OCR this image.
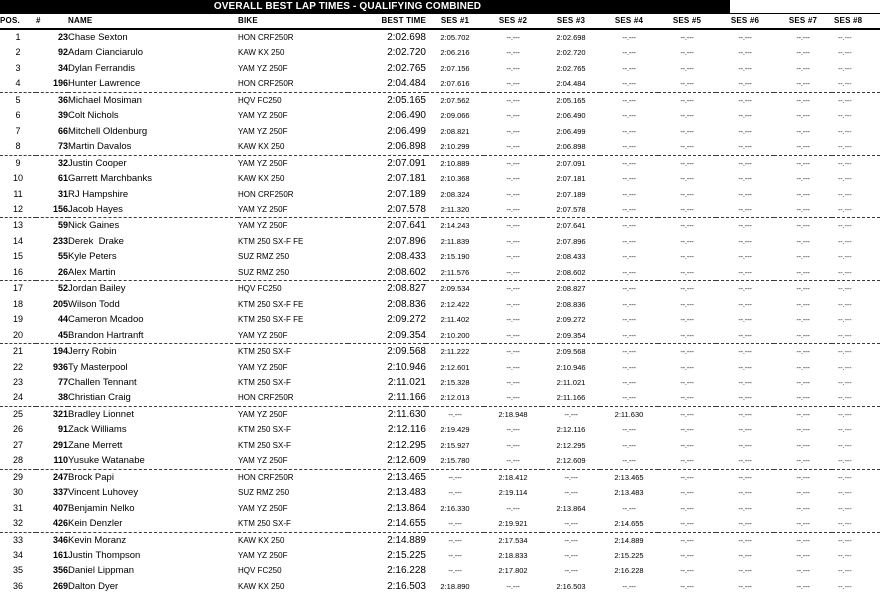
OVERALL BEST LAP TIMES - QUALIFYING COMBINED
POS.	#	NAME	BIKE	BEST TIME	SES #1	SES #2	SES #3	SES #4	SES #5	SES #6	SES #7	SES #8
1	23	Chase Sexton	HON CRF250R	2:02.698	2:05.702	--.---	2:02.698	--.---	--.---	--.---	--.---	--.---
2	92	Adam Cianciarulo	KAW KX 250	2:02.720	2:06.216	--.---	2:02.720	--.---	--.---	--.---	--.---	--.---
3	34	Dylan Ferrandis	YAM YZ 250F	2:02.765	2:07.156	--.---	2:02.765	--.---	--.---	--.---	--.---	--.---
4	196	Hunter Lawrence	HON CRF250R	2:04.484	2:07.616	--.---	2:04.484	--.---	--.---	--.---	--.---	--.---

5	36	Michael Mosiman	HQV FC250	2:05.165	2:07.562	--.---	2:05.165	--.---	--.---	--.---	--.---	--.---
6	39	Colt Nichols	YAM YZ 250F	2:06.490	2:09.066	--.---	2:06.490	--.---	--.---	--.---	--.---	--.---
7	66	Mitchell Oldenburg	YAM YZ 250F	2:06.499	2:08.821	--.---	2:06.499	--.---	--.---	--.---	--.---	--.---
8	73	Martin Davalos	KAW KX 250	2:06.898	2:10.299	--.---	2:06.898	--.---	--.---	--.---	--.---	--.---

9	32	Justin Cooper	YAM YZ 250F	2:07.091	2:10.889	--.---	2:07.091	--.---	--.---	--.---	--.---	--.---
10	61	Garrett Marchbanks	KAW KX 250	2:07.181	2:10.368	--.---	2:07.181	--.---	--.---	--.---	--.---	--.---
11	31	RJ Hampshire	HON CRF250R	2:07.189	2:08.324	--.---	2:07.189	--.---	--.---	--.---	--.---	--.---
12	156	Jacob Hayes	YAM YZ 250F	2:07.578	2:11.320	--.---	2:07.578	--.---	--.---	--.---	--.---	--.---

13	59	Nick Gaines	YAM YZ 250F	2:07.641	2:14.243	--.---	2:07.641	--.---	--.---	--.---	--.---	--.---
14	233	Derek  Drake	KTM 250 SX-F FE	2:07.896	2:11.839	--.---	2:07.896	--.---	--.---	--.---	--.---	--.---
15	55	Kyle Peters	SUZ RMZ 250	2:08.433	2:15.190	--.---	2:08.433	--.---	--.---	--.---	--.---	--.---
16	26	Alex Martin	SUZ RMZ 250	2:08.602	2:11.576	--.---	2:08.602	--.---	--.---	--.---	--.---	--.---

17	52	Jordan Bailey	HQV FC250	2:08.827	2:09.534	--.---	2:08.827	--.---	--.---	--.---	--.---	--.---
18	205	Wilson Todd	KTM 250 SX-F FE	2:08.836	2:12.422	--.---	2:08.836	--.---	--.---	--.---	--.---	--.---
19	44	Cameron Mcadoo	KTM 250 SX-F FE	2:09.272	2:11.402	--.---	2:09.272	--.---	--.---	--.---	--.---	--.---
20	45	Brandon Hartranft	YAM YZ 250F	2:09.354	2:10.200	--.---	2:09.354	--.---	--.---	--.---	--.---	--.---

21	194	Jerry Robin	KTM 250 SX-F	2:09.568	2:11.222	--.---	2:09.568	--.---	--.---	--.---	--.---	--.---
22	936	Ty Masterpool	YAM YZ 250F	2:10.946	2:12.601	--.---	2:10.946	--.---	--.---	--.---	--.---	--.---
23	77	Challen Tennant	KTM 250 SX-F	2:11.021	2:15.328	--.---	2:11.021	--.---	--.---	--.---	--.---	--.---
24	38	Christian Craig	HON CRF250R	2:11.166	2:12.013	--.---	2:11.166	--.---	--.---	--.---	--.---	--.---

25	321	Bradley Lionnet	YAM YZ 250F	2:11.630	--.---	2:18.948	--.---	2:11.630	--.---	--.---	--.---	--.---
26	91	Zack Williams	KTM 250 SX-F	2:12.116	2:19.429	--.---	2:12.116	--.---	--.---	--.---	--.---	--.---
27	291	Zane Merrett	KTM 250 SX-F	2:12.295	2:15.927	--.---	2:12.295	--.---	--.---	--.---	--.---	--.---
28	110	Yusuke Watanabe	YAM YZ 250F	2:12.609	2:15.780	--.---	2:12.609	--.---	--.---	--.---	--.---	--.---

29	247	Brock Papi	HON CRF250R	2:13.465	--.---	2:18.412	--.---	2:13.465	--.---	--.---	--.---	--.---
30	337	Vincent Luhovey	SUZ RMZ 250	2:13.483	--.---	2:19.114	--.---	2:13.483	--.---	--.---	--.---	--.---
31	407	Benjamin Nelko	YAM YZ 250F	2:13.864	2:16.330	--.---	2:13.864	--.---	--.---	--.---	--.---	--.---
32	426	Kein Denzler	KTM 250 SX-F	2:14.655	--.---	2:19.921	--.---	2:14.655	--.---	--.---	--.---	--.---

33	346	Kevin Moranz	KAW KX 250	2:14.889	--.---	2:17.534	--.---	2:14.889	--.---	--.---	--.---	--.---
34	161	Justin Thompson	YAM YZ 250F	2:15.225	--.---	2:18.833	--.---	2:15.225	--.---	--.---	--.---	--.---
35	356	Daniel Lippman	HQV FC250	2:16.228	--.---	2:17.802	--.---	2:16.228	--.---	--.---	--.---	--.---
36	269	Dalton Dyer	KAW KX 250	2:16.503	2:18.890	--.---	2:16.503	--.---	--.---	--.---	--.---	--.---
